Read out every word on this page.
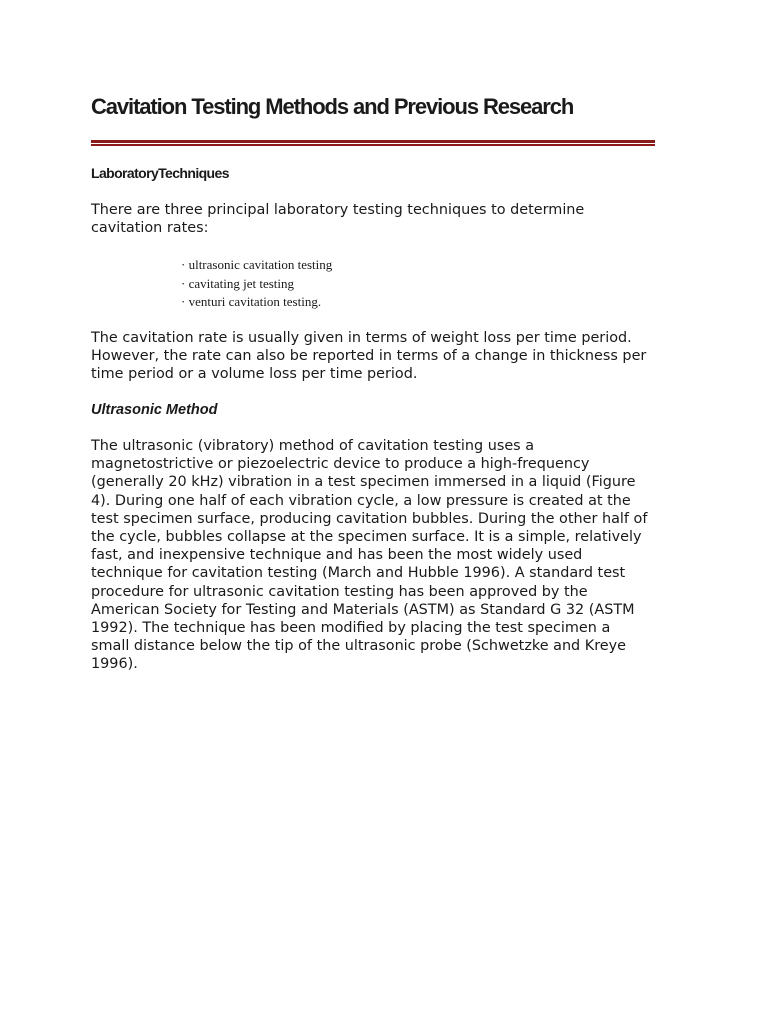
Cavitation Testing Methods and Previous Research
LaboratoryTechniques

There are three principal laboratory testing techniques to determine
cavitation rates:

· ultrasonic cavitation testing
· cavitating jet testing
· venturi cavitation testing.

The cavitation rate is usually given in terms of weight loss per time period.
However, the rate can also be reported in terms of a change in thickness per
time period or a volume loss per time period.

Ultrasonic Method

The ultrasonic (vibratory) method of cavitation testing uses a
magnetostrictive or piezoelectric device to produce a high-frequency
(generally 20 kHz) vibration in a test specimen immersed in a liquid (Figure
4). During one half of each vibration cycle, a low pressure is created at the
test specimen surface, producing cavitation bubbles. During the other half of
the cycle, bubbles collapse at the specimen surface. It is a simple, relatively
fast, and inexpensive technique and has been the most widely used
technique for cavitation testing (March and Hubble 1996). A standard test
procedure for ultrasonic cavitation testing has been approved by the
American Society for Testing and Materials (ASTM) as Standard G 32 (ASTM
1992). The technique has been modified by placing the test specimen a
small distance below the tip of the ultrasonic probe (Schwetzke and Kreye
1996).
